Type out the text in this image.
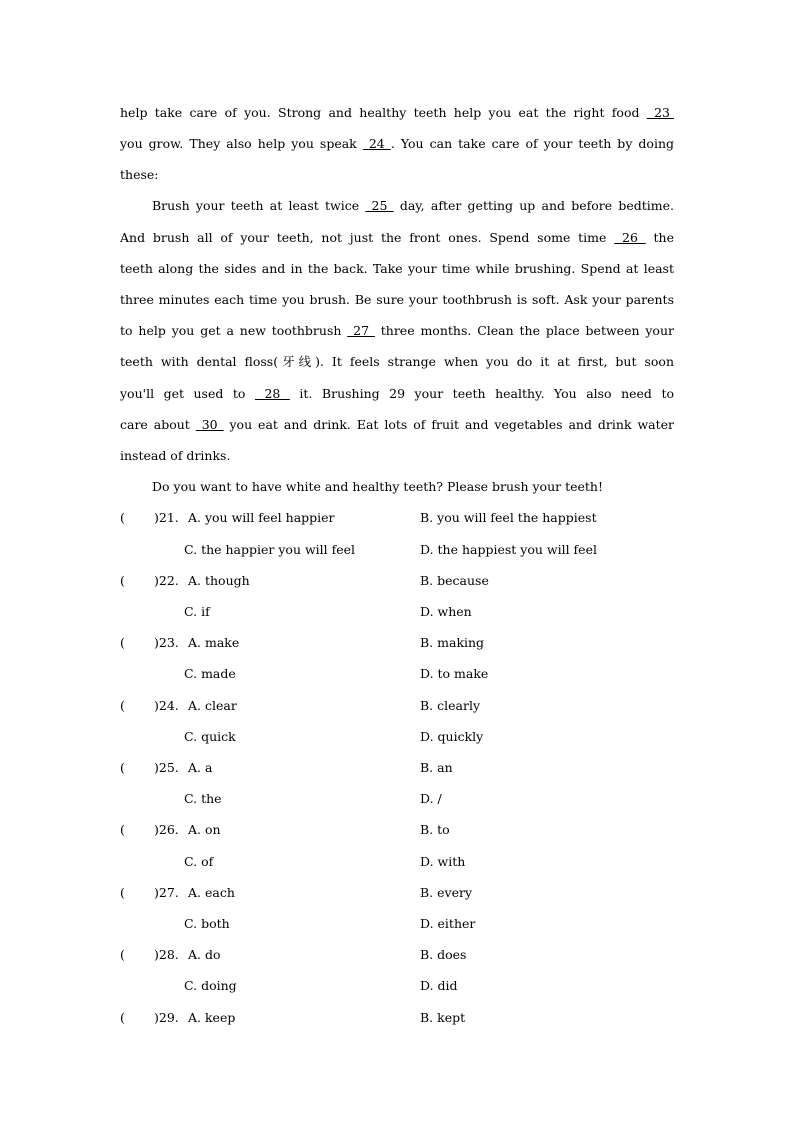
help take care of you. Strong and healthy teeth help you eat the right food  23
you grow. They also help you speak  24 . You can take care of your teeth by doing
these:
Brush your teeth at least twice  25  day, after getting up and before bedtime.
And brush all of your teeth, not just the front ones. Spend some time  26  the
teeth along the sides and in the back. Take your time while brushing. Spend at least
three minutes each time you brush. Be sure your toothbrush is soft. Ask your parents
to help you get a new toothbrush  27  three months. Clean the place between your
teeth with dental floss(牙线). It feels strange when you do it at first, but soon
you'll get used to  28  it. Brushing 29 your teeth healthy. You also need to
care about  30  you eat and drink. Eat lots of fruit and vegetables and drink water
instead of drinks.
Do you want to have white and healthy teeth? Please brush your teeth!
( )21. A. you will feel happier	B. you will feel the happiest
C. the happier you will feel	D. the happiest you will feel
( )22. A. though	B. because
C. if	D. when
( )23. A. make	B. making
C. made	D. to make
( )24. A. clear	B. clearly
C. quick	D. quickly
( )25. A. a	B. an
C. the	D. /
( )26. A. on	B. to
C. of	D. with
( )27. A. each	B. every
C. both	D. either
( )28. A. do	B. does
C. doing	D. did
( )29. A. keep	B. kept
